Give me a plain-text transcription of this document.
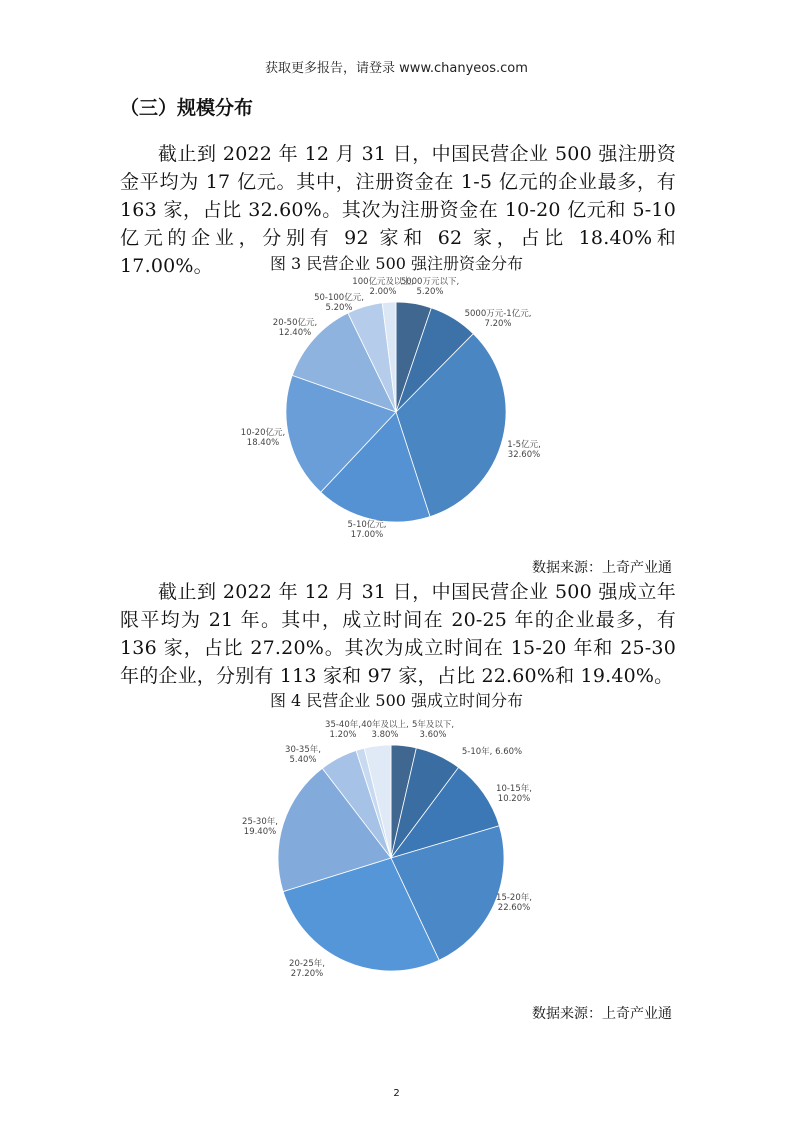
获取更多报告，请登录 www.chanyeos.com
（三）规模分布
截止到 2022 年 12 月 31 日，中国民营企业 500 强注册资金平均为 17 亿元。其中，注册资金在 1-5 亿元的企业最多，有 163 家，占比 32.60%。其次为注册资金在 10-20 亿元和 5-10 亿元的企业，分别有 92 家和 62 家，占比 18.40%和 17.00%。	图 3 民营企业 500 强注册资金分布
5000万元以下, 5.20%
5000万元-1亿元, 7.20%
1-5亿元, 32.60%
5-10亿元, 17.00%
10-20亿元, 18.40%
20-50亿元, 12.40%
50-100亿元, 5.20%
100亿元及以上, 2.00%
数据来源：上奇产业通
截止到 2022 年 12 月 31 日，中国民营企业 500 强成立年限平均为 21 年。其中，成立时间在 20-25 年的企业最多，有 136 家，占比 27.20%。其次为成立时间在 15-20 年和 25-30 年的企业，分别有 113 家和 97 家，占比 22.60%和 19.40%。
图 4 民营企业 500 强成立时间分布
5年及以下, 3.60%
5-10年, 6.60%
10-15年, 10.20%
15-20年, 22.60%
20-25年, 27.20%
25-30年, 19.40%
30-35年, 5.40%
35-40年, 1.20%
40年及以上, 3.80%
数据来源：上奇产业通
2
